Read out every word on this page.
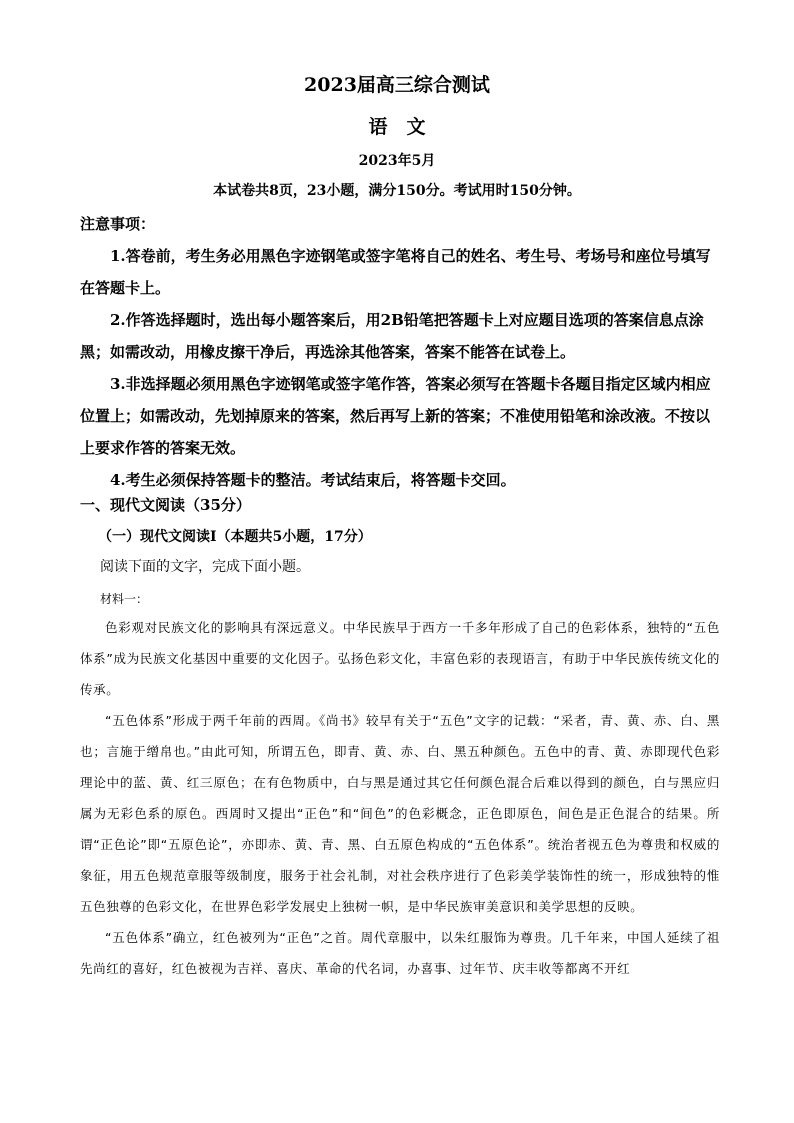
2023届高三综合测试
语　文
2023年5月
本试卷共8页，23小题，满分150分。考试用时150分钟。
注意事项：

1.答卷前，考生务必用黑色字迹钢笔或签字笔将自己的姓名、考生号、考场号和座位号填写在答题卡上。

2.作答选择题时，选出每小题答案后，用2B铅笔把答题卡上对应题目选项的答案信息点涂黑；如需改动，用橡皮擦干净后，再选涂其他答案，答案不能答在试卷上。

3.非选择题必须用黑色字迹钢笔或签字笔作答，答案必须写在答题卡各题目指定区域内相应位置上；如需改动，先划掉原来的答案，然后再写上新的答案；不准使用铅笔和涂改液。不按以上要求作答的答案无效。

4.考生必须保持答题卡的整洁。考试结束后，将答题卡交回。

一、现代文阅读（35分）
（一）现代文阅读I（本题共5小题，17分）
阅读下面的文字，完成下面小题。
材料一：

色彩观对民族文化的影响具有深远意义。中华民族早于西方一千多年形成了自己的色彩体系，独特的“五色体系”成为民族文化基因中重要的文化因子。弘扬色彩文化，丰富色彩的表现语言，有助于中华民族传统文化的传承。

“五色体系”形成于两千年前的西周。《尚书》较早有关于“五色”文字的记载：“采者，青、黄、赤、白、黑也；言施于缯帛也。”由此可知，所谓五色，即青、黄、赤、白、黑五种颜色。五色中的青、黄、赤即现代色彩理论中的蓝、黄、红三原色；在有色物质中，白与黑是通过其它任何颜色混合后难以得到的颜色，白与黑应归属为无彩色系的原色。西周时又提出“正色”和“间色”的色彩概念，正色即原色，间色是正色混合的结果。所谓“正色论”即“五原色论”，亦即赤、黄、青、黑、白五原色构成的“五色体系”。统治者视五色为尊贵和权威的象征，用五色规范章服等级制度，服务于社会礼制，对社会秩序进行了色彩美学装饰性的统一，形成独特的惟五色独尊的色彩文化，在世界色彩学发展史上独树一帜，是中华民族审美意识和美学思想的反映。

“五色体系”确立，红色被列为“正色”之首。周代章服中，以朱红服饰为尊贵。几千年来，中国人延续了祖先尚红的喜好，红色被视为吉祥、喜庆、革命的代名词，办喜事、过年节、庆丰收等都离不开红
